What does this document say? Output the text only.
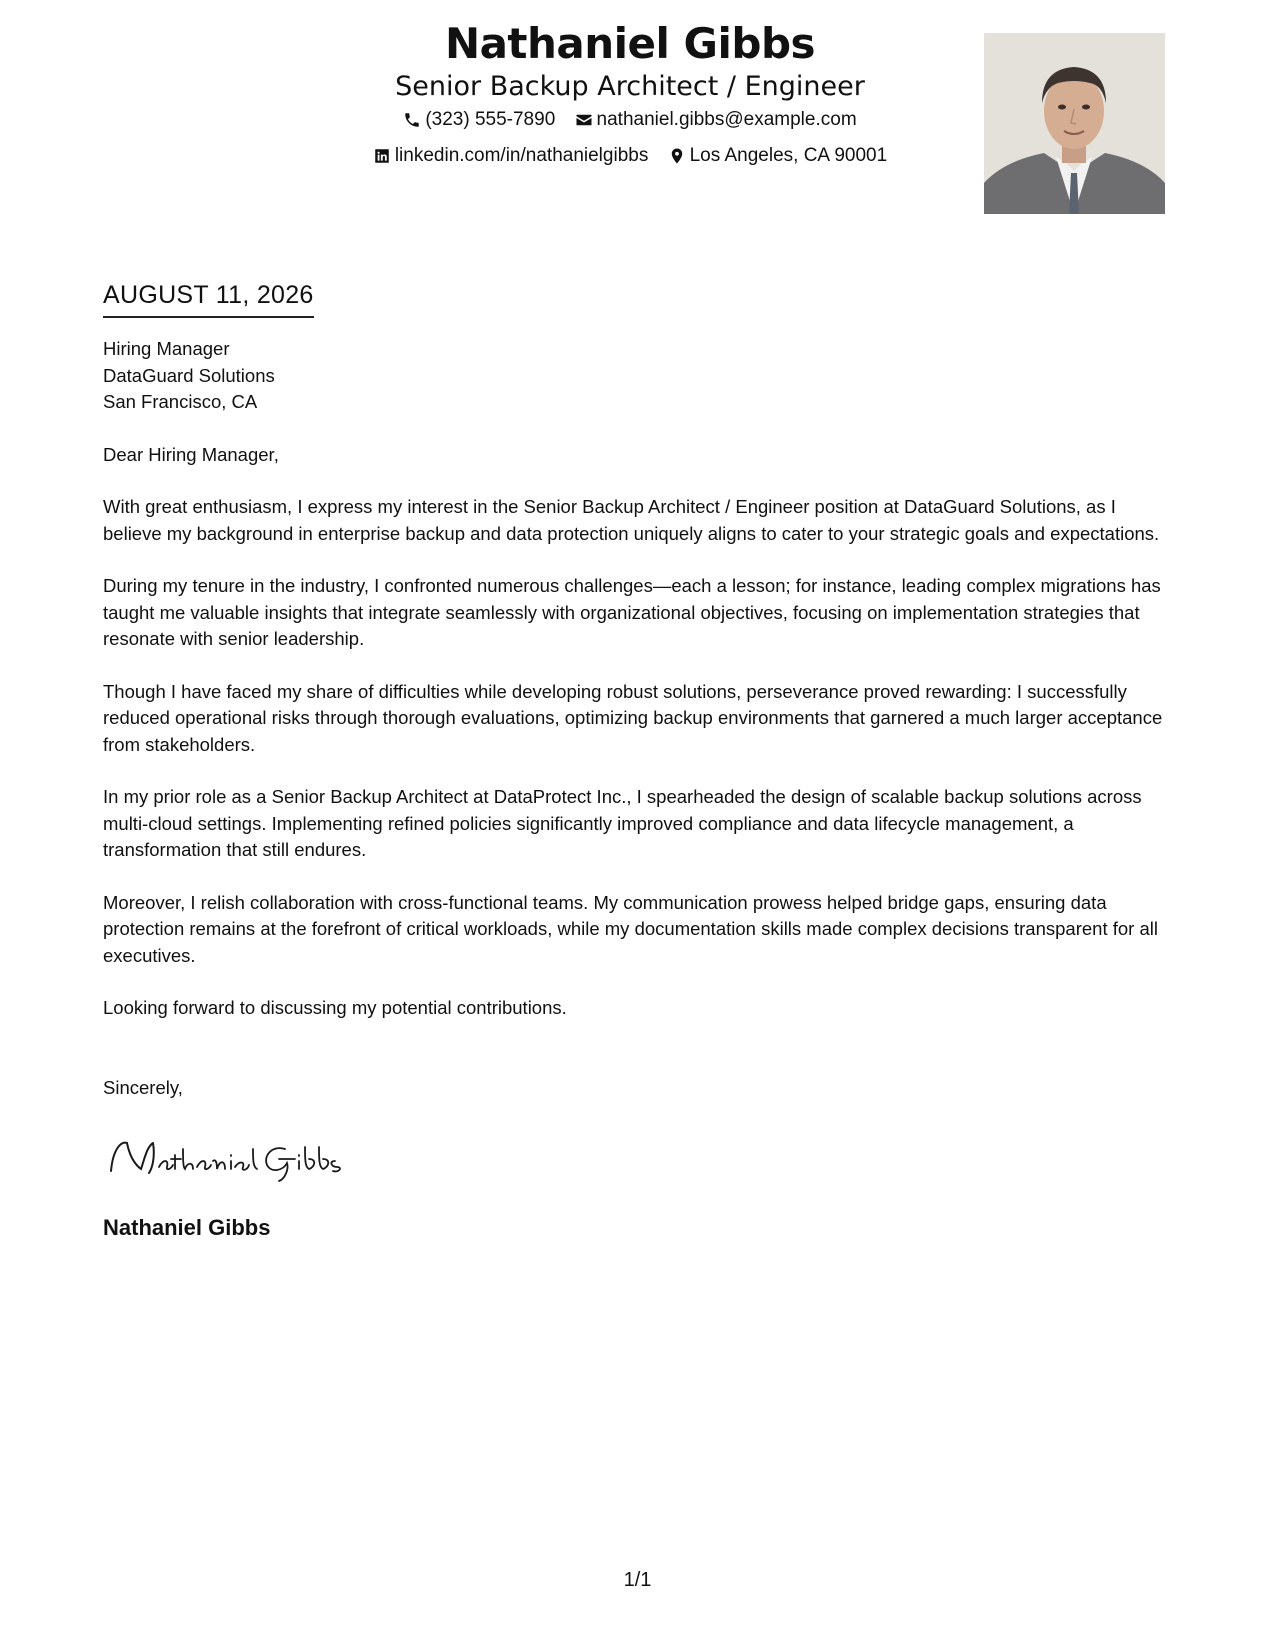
Nathaniel Gibbs
Senior Backup Architect / Engineer
(323) 555-7890
nathaniel.gibbs@example.com
linkedin.com/in/nathanielgibbs
Los Angeles, CA 90001
AUGUST 11, 2026
Hiring Manager
DataGuard Solutions
San Francisco, CA
Dear Hiring Manager,

With great enthusiasm, I express my interest in the Senior Backup Architect / Engineer position at DataGuard Solutions, as I believe my background in enterprise backup and data protection uniquely aligns to cater to your strategic goals and expectations.

During my tenure in the industry, I confronted numerous challenges—each a lesson; for instance, leading complex migrations has taught me valuable insights that integrate seamlessly with organizational objectives, focusing on implementation strategies that resonate with senior leadership.

Though I have faced my share of difficulties while developing robust solutions, perseverance proved rewarding: I successfully reduced operational risks through thorough evaluations, optimizing backup environments that garnered a much larger acceptance from stakeholders.

In my prior role as a Senior Backup Architect at DataProtect Inc., I spearheaded the design of scalable backup solutions across multi-cloud settings. Implementing refined policies significantly improved compliance and data lifecycle management, a transformation that still endures.

Moreover, I relish collaboration with cross-functional teams. My communication prowess helped bridge gaps, ensuring data protection remains at the forefront of critical workloads, while my documentation skills made complex decisions transparent for all executives.

Looking forward to discussing my potential contributions.

Sincerely,
Nathaniel Gibbs
1/1
